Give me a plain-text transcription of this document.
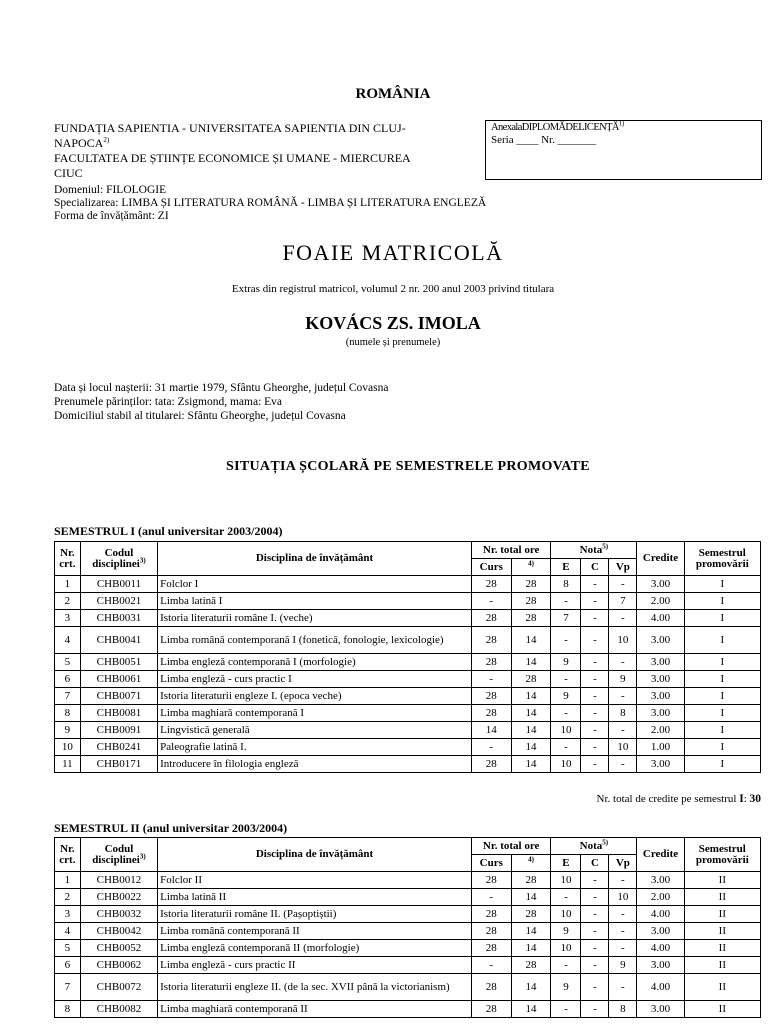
ROMÂNIA
FUNDAȚIA SAPIENTIA - UNIVERSITATEA SAPIENTIA DIN CLUJ-
NAPOCA$^{2)}$
FACULTATEA DE ȘTIINȚE ECONOMICE ȘI UMANE - MIERCUREA
CIUC
AnexalaDIPLOMĂDELICENȚĂ$^{1)}$
Seria ____ Nr. _______
Domeniul: FILOLOGIE
Specializarea: LIMBA ȘI LITERATURA ROMÂNĂ - LIMBA ȘI LITERATURA ENGLEZĂ
Forma de învățământ: ZI
FOAIE MATRICOLĂ
Extras din registrul matricol, volumul 2 nr. 200 anul 2003 privind titulara
KOVÁCS ZS. IMOLA
(numele și prenumele)
Data și locul nașterii: 31 martie 1979, Sfântu Gheorghe, județul Covasna
Prenumele părinților: tata: Zsigmond, mama: Eva
Domiciliul stabil al titularei: Sfântu Gheorghe, județul Covasna
SITUAȚIA ȘCOLARĂ PE SEMESTRELE PROMOVATE
SEMESTRUL I (anul universitar 2003/2004)
Nr.
crt.	Codul
disciplinei$^{3)}$	Disciplina de învățământ	Nr. total ore		Nota$^{5)}$			Credite	Semestrul
promovării
			Curs	$^{4)}$	E	C	Vp		
1	CHB0011	Folclor I	28	28	8	-	-	3.00	I
2	CHB0021	Limba latină I	-	28	-	-	7	2.00	I
3	CHB0031	Istoria literaturii române I. (veche)	28	28	7	-	-	4.00	I
4	CHB0041	Limba română contemporană I (fonetică, fonologie, lexicologie)	28	14	-	-	10	3.00	I
5	CHB0051	Limba engleză contemporană I (morfologie)	28	14	9	-	-	3.00	I
6	CHB0061	Limba engleză - curs practic I	-	28	-	-	9	3.00	I
7	CHB0071	Istoria literaturii engleze I. (epoca veche)	28	14	9	-	-	3.00	I
8	CHB0081	Limba maghiară contemporană I	28	14	-	-	8	3.00	I
9	CHB0091	Lingvistică generală	14	14	10	-	-	2.00	I
10	CHB0241	Paleografie latină I.	-	14	-	-	10	1.00	I
11	CHB0171	Introducere în filologia engleză	28	14	10	-	-	3.00	I
Nr. total de credite pe semestrul I: 30
SEMESTRUL II (anul universitar 2003/2004)
Nr.
crt.	Codul
disciplinei$^{3)}$	Disciplina de învățământ	Nr. total ore		Nota$^{5)}$			Credite	Semestrul
promovării
			Curs	$^{4)}$	E	C	Vp		
1	CHB0012	Folclor II	28	28	10	-	-	3.00	II
2	CHB0022	Limba latină II	-	14	-	-	10	2.00	II
3	CHB0032	Istoria literaturii române II. (Pașoptiștii)	28	28	10	-	-	4.00	II
4	CHB0042	Limba română contemporană II	28	14	9	-	-	3.00	II
5	CHB0052	Limba engleză contemporană II (morfologie)	28	14	10	-	-	4.00	II
6	CHB0062	Limba engleză - curs practic II	-	28	-	-	9	3.00	II
7	CHB0072	Istoria literaturii engleze II. (de la sec. XVII până la victorianism)	28	14	9	-	-	4.00	II
8	CHB0082	Limba maghiară contemporană II	28	14	-	-	8	3.00	II
